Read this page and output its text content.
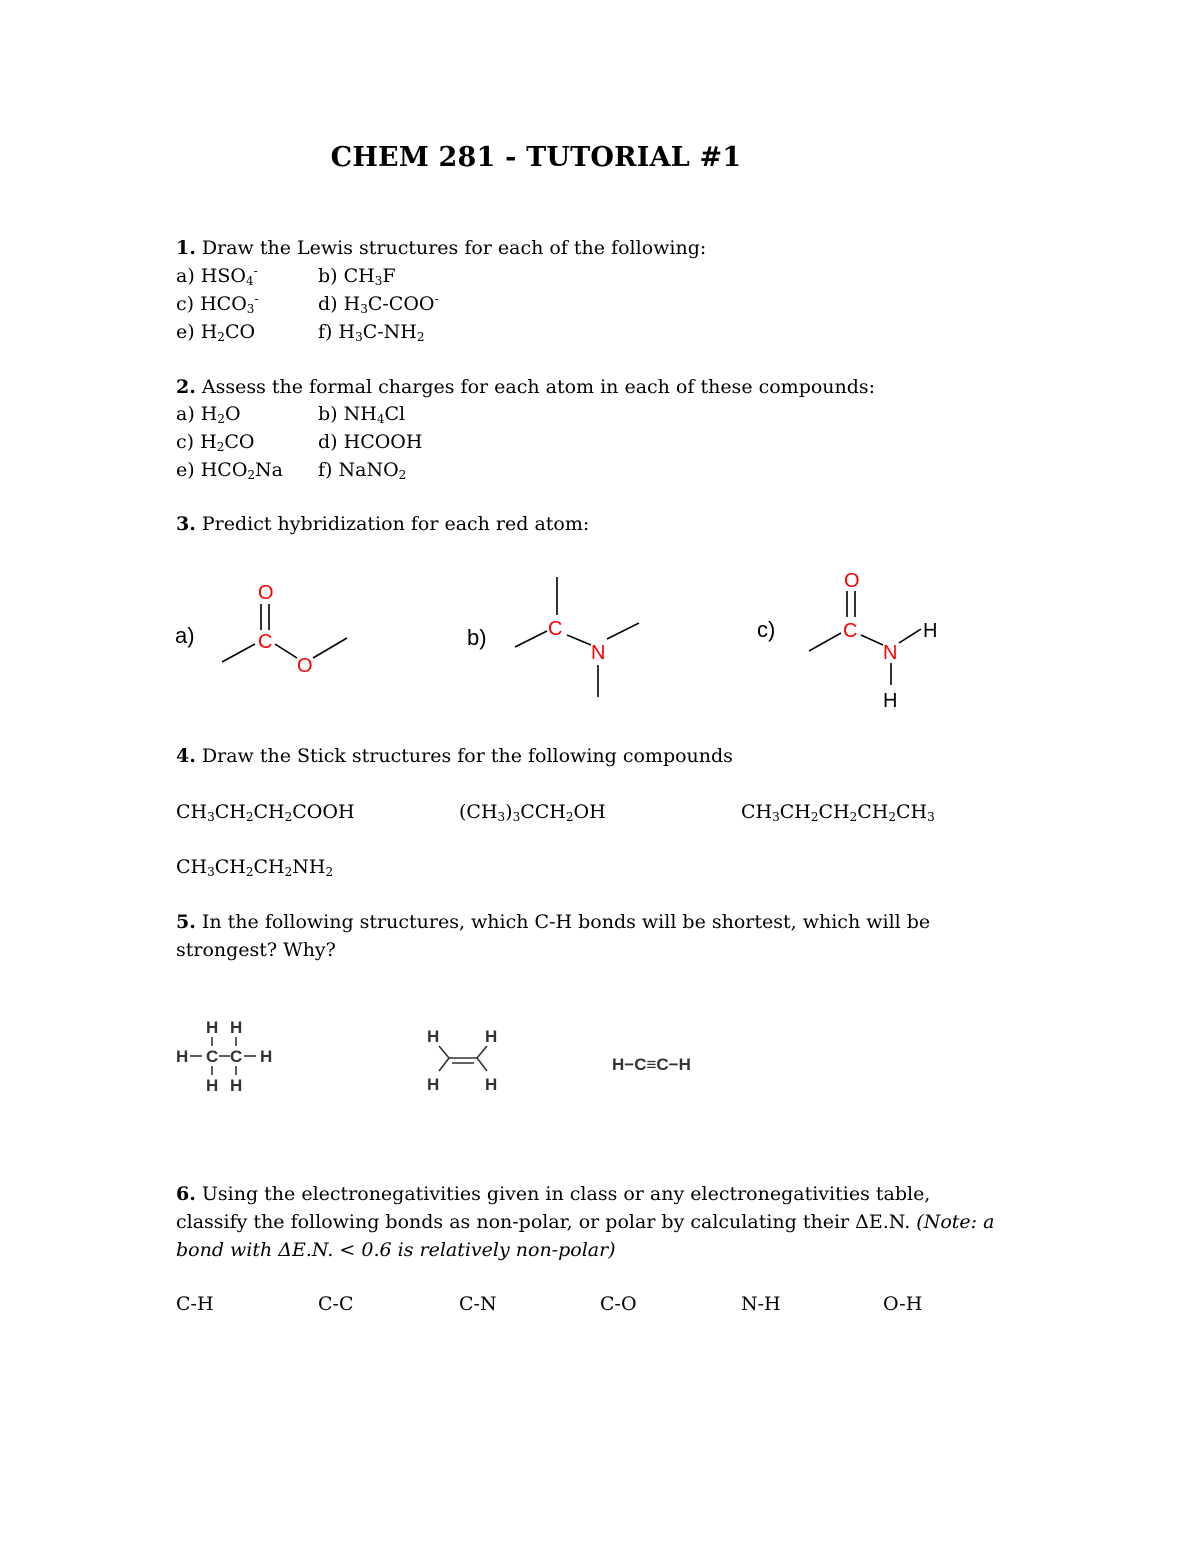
CHEM 281 - TUTORIAL #1
1. Draw the Lewis structures for each of the following:
a) $HSO_4^-$	b) $CH_3F$
c) $HCO_3^-$	d) $H_3C-COO^-$
e) $H_2CO$	f) $H_3C-NH_2$
2. Assess the formal charges for each atom in each of these compounds:
a) $H_2O$	b) $NH_4Cl$
c) $H_2CO$	d) HCOOH
e) $HCO_2Na$ f) NaNO$_2$
3. Predict hybridization for each red atom:
a)
O
C
O
b)	C
N
c)
O
C
N
H
H
4. Draw the Stick structures for the following compounds
$CH_3CH_2CH_2COOH$	$(CH_3)_3CCH_2OH$	$CH_3CH_2CH_2CH_2CH_3$
$CH_3CH_2CH_2NH_2$
5. In the following structures, which C-H bonds will be shortest, which will be
strongest? Why?
H H
H C C H
H H
H	H
H	H
H−C≡C−H
6. Using the electronegativities given in class or any electronegativities table,
classify the following bonds as non-polar, or polar by calculating their ΔE.N. (Note: a
bond with ΔE.N. < 0.6 is relatively non-polar)
C-H	C-C	C-N	C-O	N-H	O-H
